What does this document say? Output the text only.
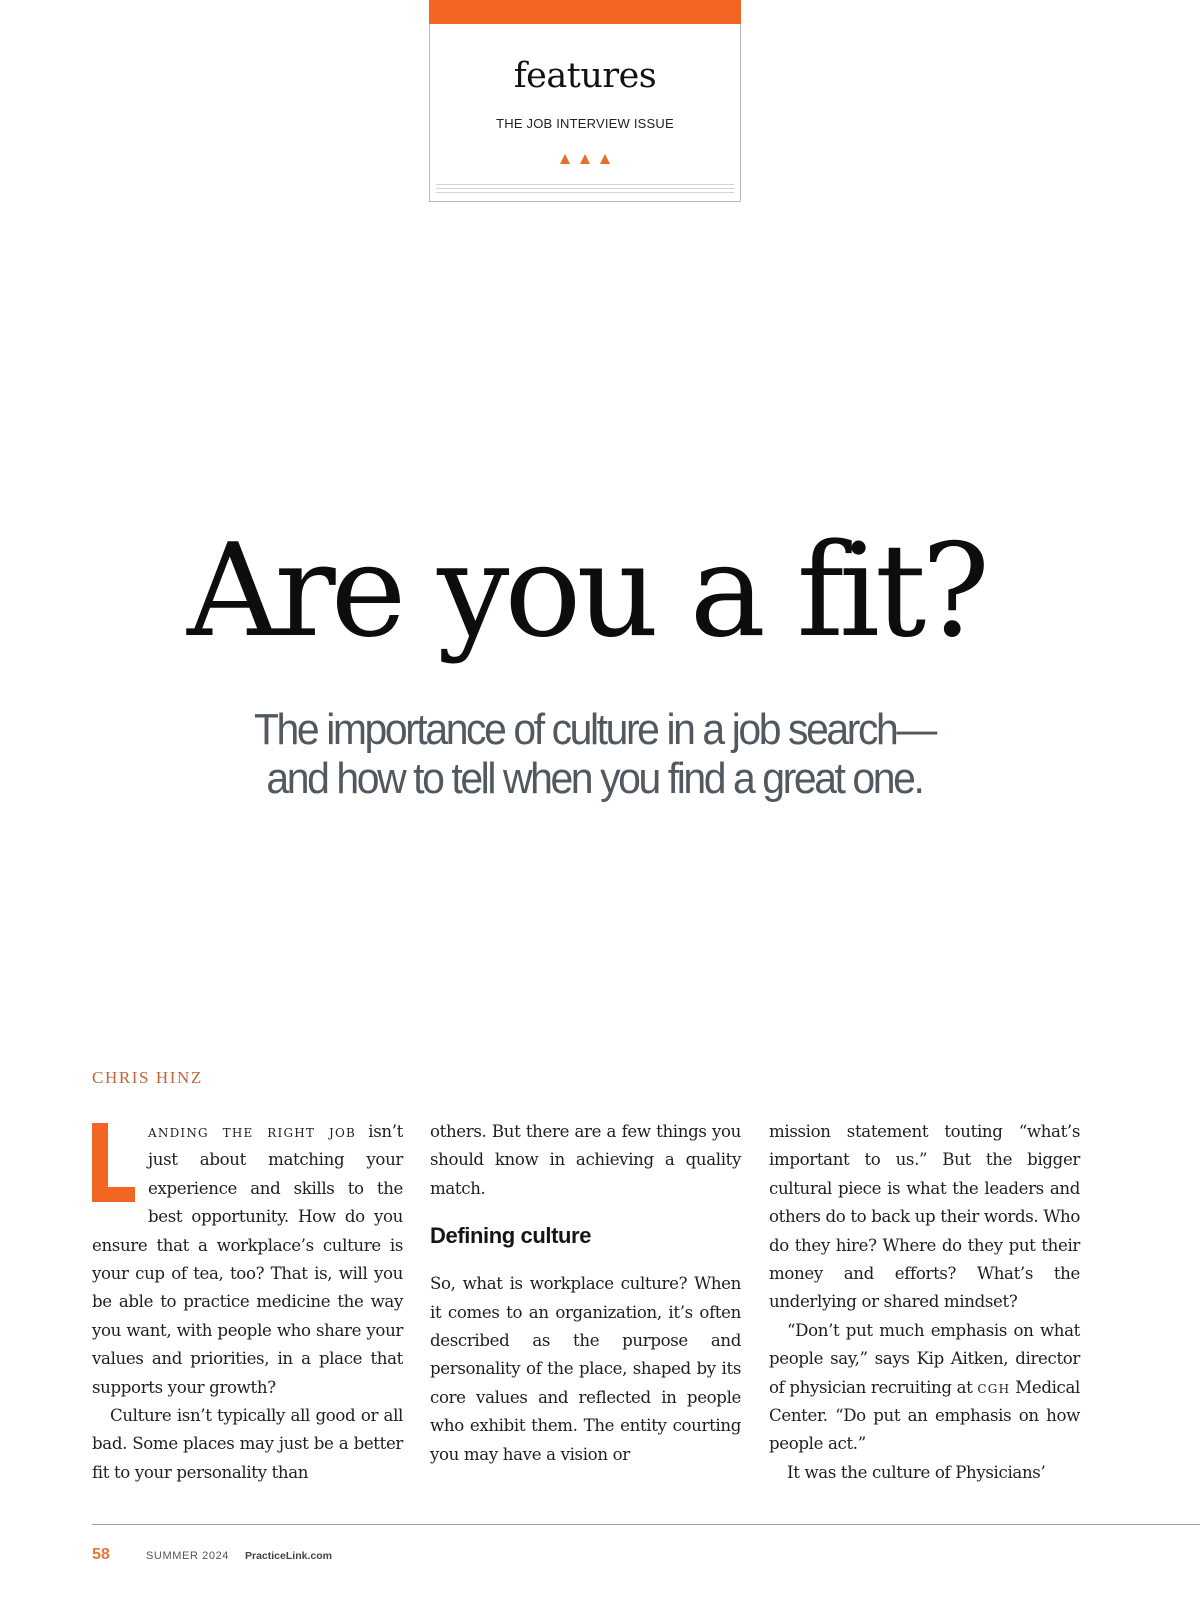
features
THE JOB INTERVIEW ISSUE
Are you a fit?
The importance of culture in a job search—
and how to tell when you find a great one.
CHRIS HINZ

anding the right job isn’t just about matching your experience and skills to the best opportunity. How do you ensure that a workplace’s culture is your cup of tea, too? That is, will you be able to practice medicine the way you want, with people who share your values and priorities, in a place that supports your growth?

Culture isn’t typically all good or all bad. Some places may just be a better fit to your personality than

others. But there are a few things you should know in achieving a quality match.

Defining culture

So, what is workplace culture? When it comes to an organization, it’s often described as the purpose and personality of the place, shaped by its core values and reflected in people who exhibit them. The entity courting you may have a vision or

mission statement touting “what’s important to us.” But the bigger cultural piece is what the leaders and others do to back up their words. Who do they hire? Where do they put their money and efforts? What’s the underlying or shared mindset?

“Don’t put much emphasis on what people say,” says Kip Aitken, director of physician recruiting at cgh Medical Center. “Do put an emphasis on how people act.”

It was the culture of Physicians’

58	SUMMER 2024 PracticeLink.com
